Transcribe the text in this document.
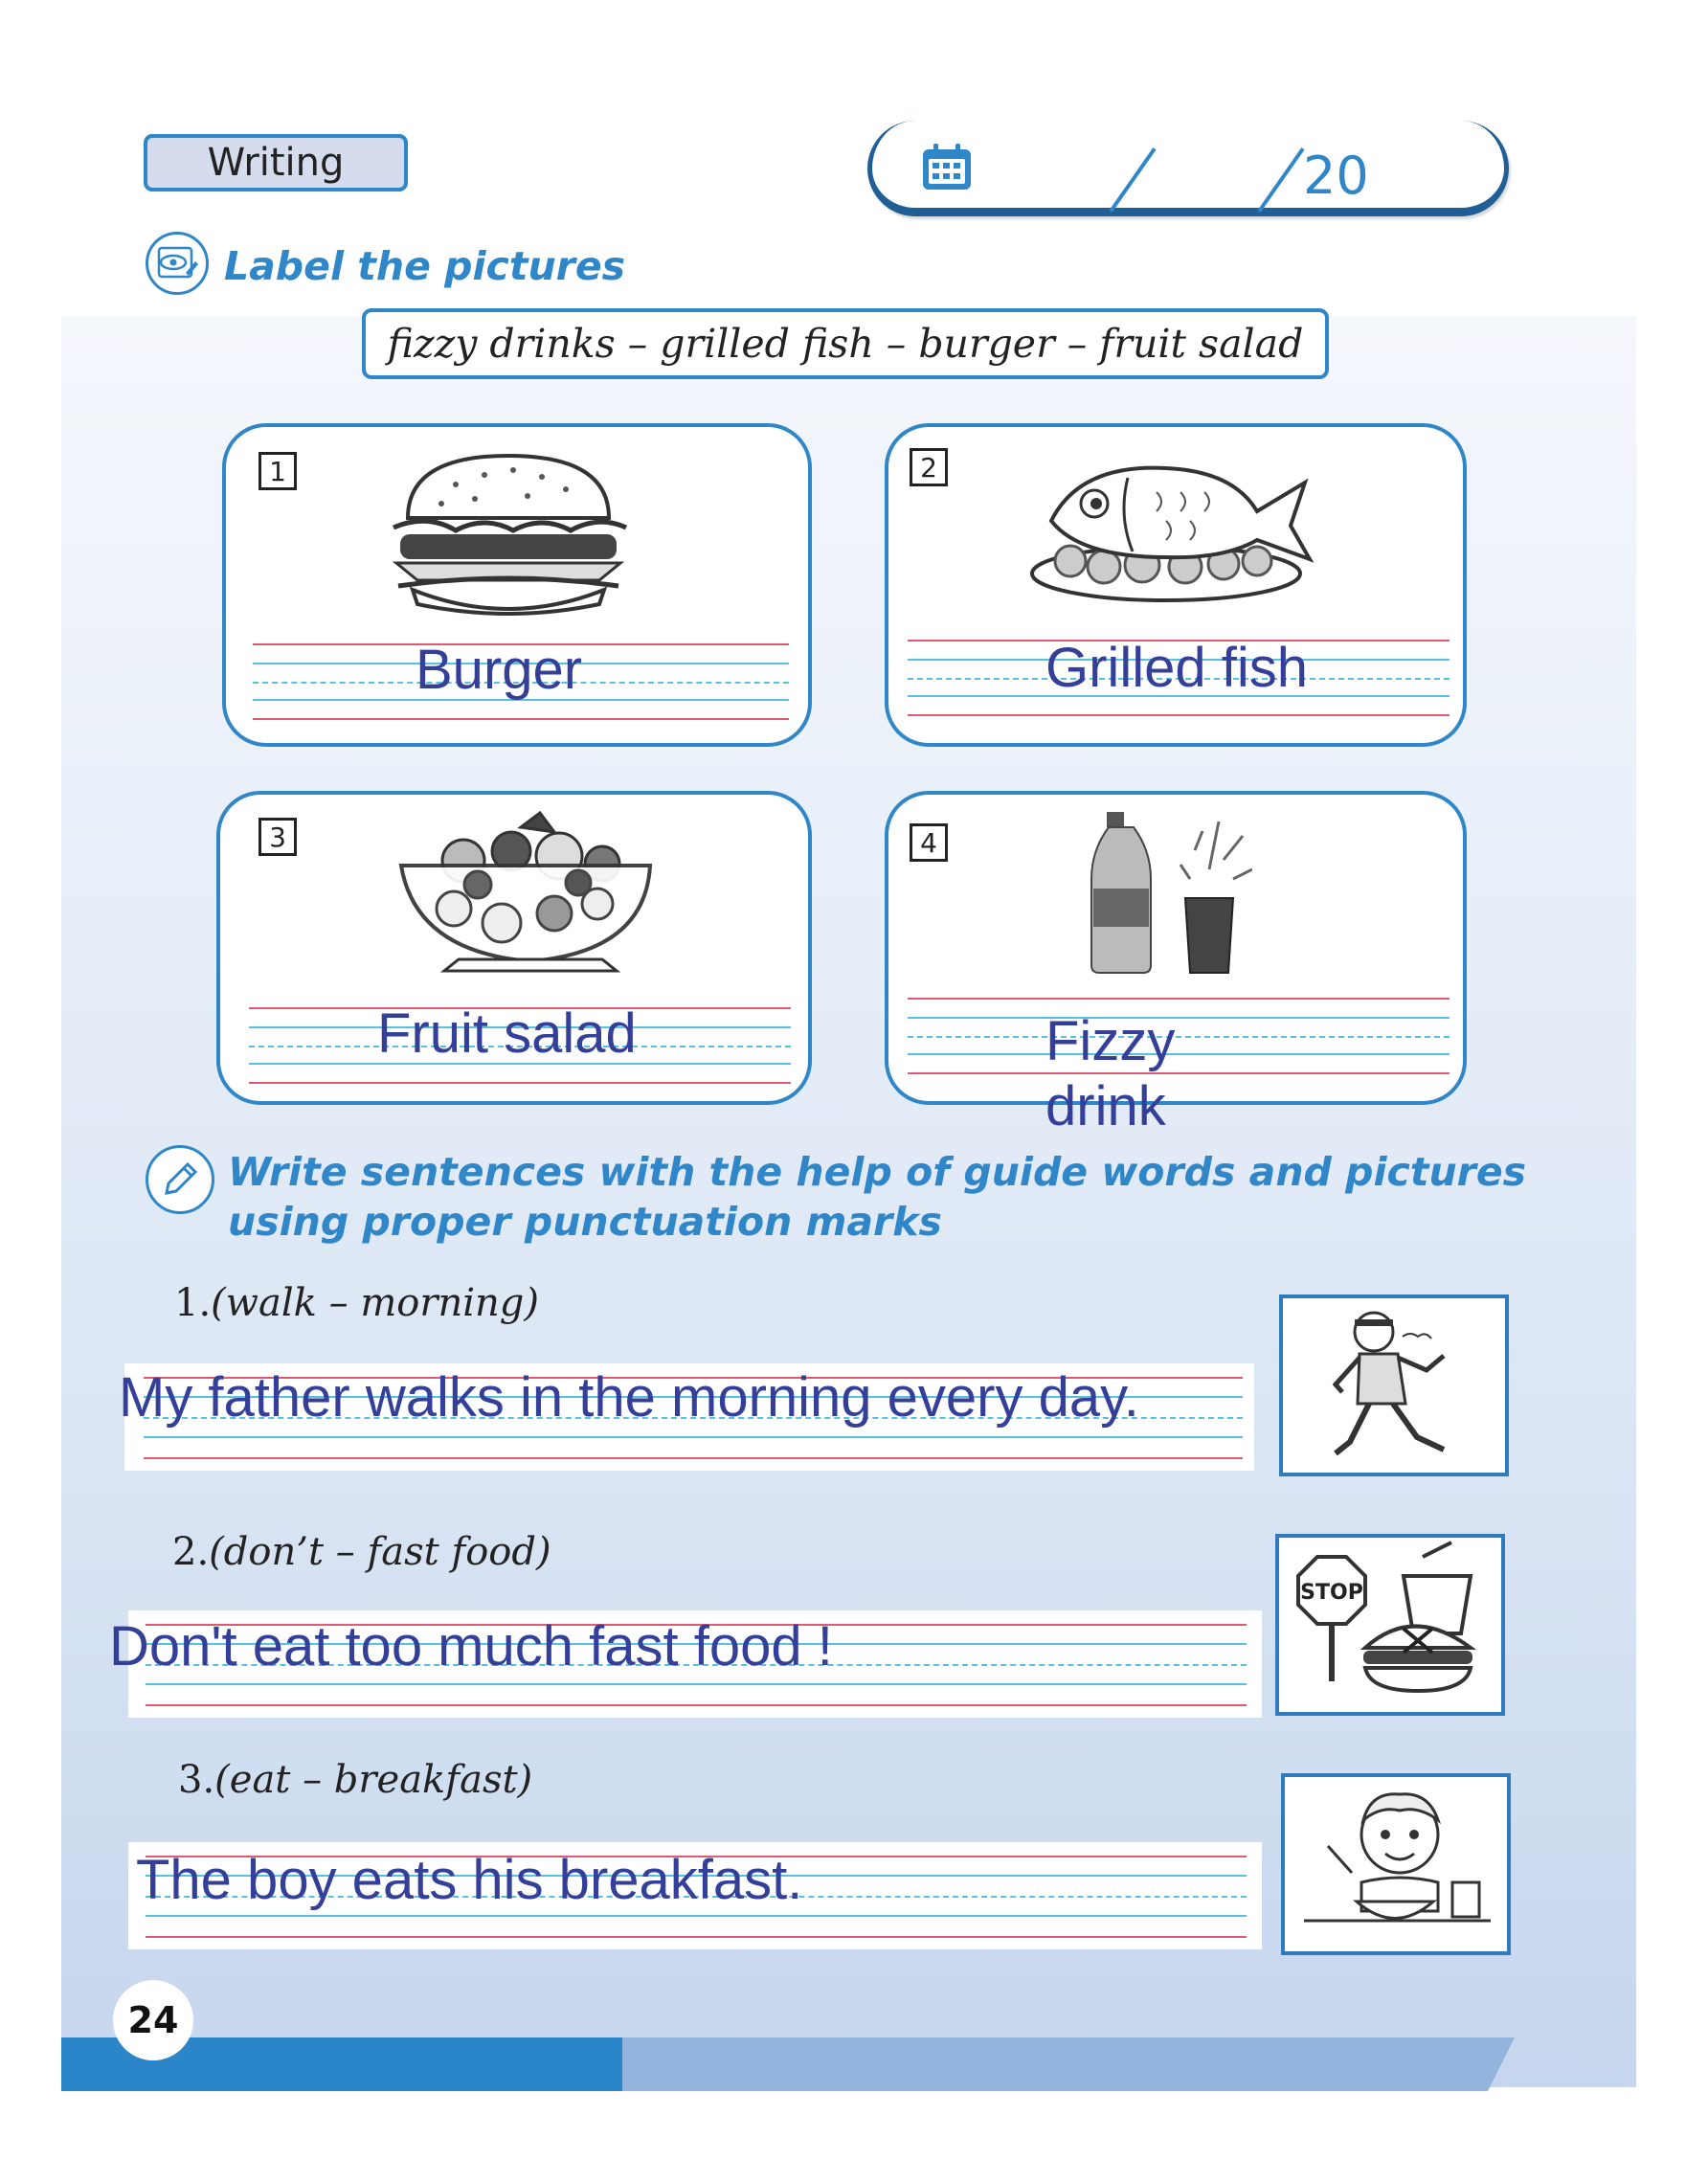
Writing	20
Label the pictures
fizzy drinks – grilled fish – burger – fruit salad
1
Burger
2
Grilled fish
3
Fruit salad
4
Fizzy
drink
Write sentences with the help of guide words and pictures
using proper punctuation marks
1.(walk – morning)
My father walks in the morning every day.
2.(don’t – fast food)
Don't eat too much fast food !
STOP
3.(eat – breakfast)
The boy eats his breakfast.
24
